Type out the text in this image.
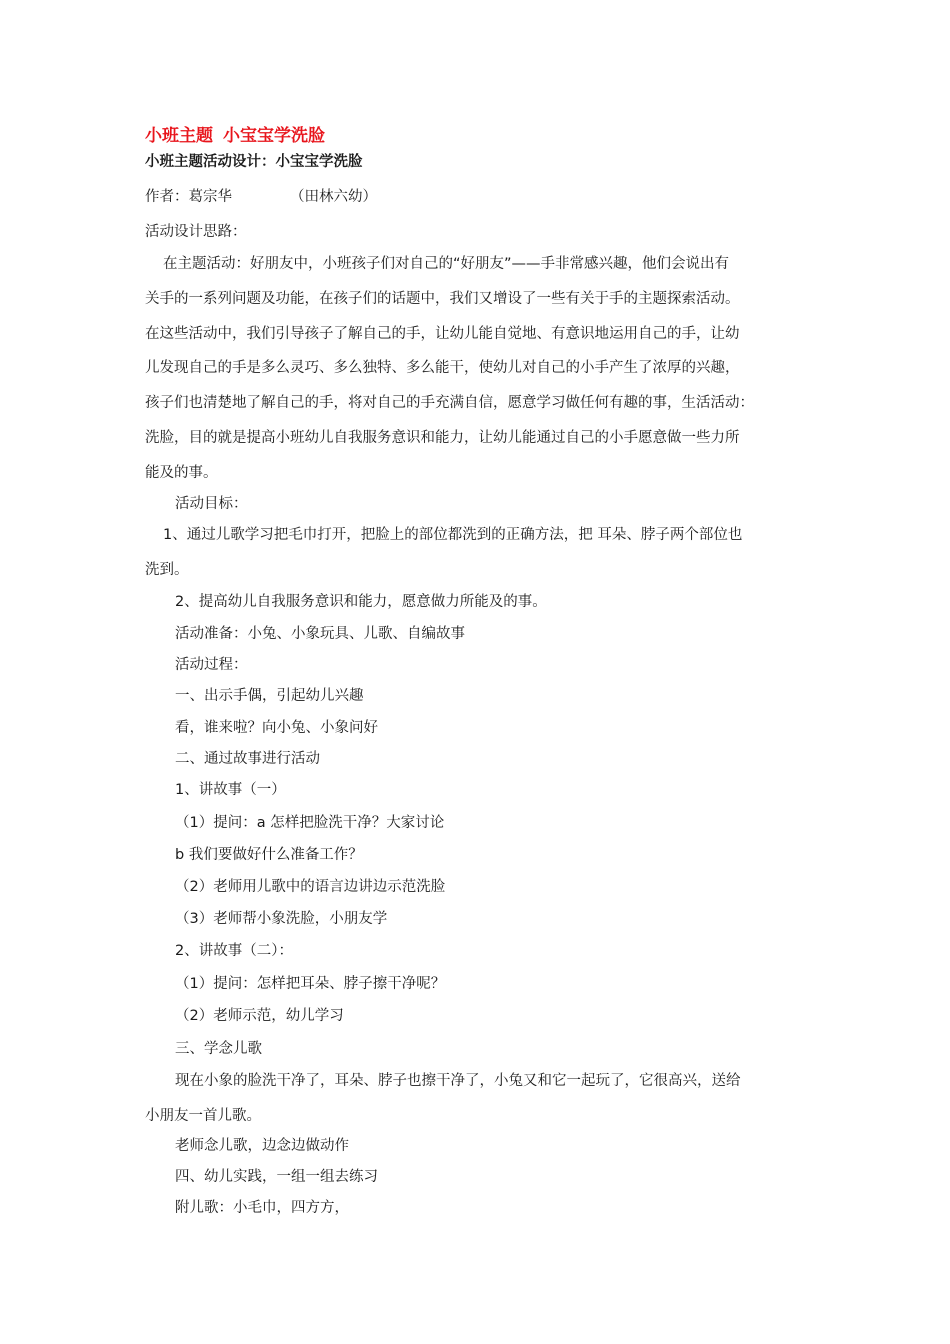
小班主题 小宝宝学洗脸
小班主题活动设计：小宝宝学洗脸
作者：葛宗华	（田林六幼）
活动设计思路：
在主题活动：好朋友中，小班孩子们对自己的“好朋友”——手非常感兴趣，他们会说出有
关手的一系列问题及功能，在孩子们的话题中，我们又增设了一些有关于手的主题探索活动。
在这些活动中，我们引导孩子了解自己的手，让幼儿能自觉地、有意识地运用自己的手，让幼
儿发现自己的手是多么灵巧、多么独特、多么能干，使幼儿对自己的小手产生了浓厚的兴趣，
孩子们也清楚地了解自己的手，将对自己的手充满自信，愿意学习做任何有趣的事，生活活动：
洗脸，目的就是提高小班幼儿自我服务意识和能力，让幼儿能通过自己的小手愿意做一些力所
能及的事。
活动目标：
1、通过儿歌学习把毛巾打开，把脸上的部位都洗到的正确方法，把 耳朵、脖子两个部位也
洗到。
2、提高幼儿自我服务意识和能力，愿意做力所能及的事。
活动准备：小兔、小象玩具、儿歌、自编故事
活动过程：
一、出示手偶，引起幼儿兴趣
看，谁来啦？向小兔、小象问好
二、通过故事进行活动
1、讲故事（一）
（1）提问：a 怎样把脸洗干净？大家讨论
b 我们要做好什么准备工作？
（2）老师用儿歌中的语言边讲边示范洗脸
（3）老师帮小象洗脸，小朋友学
2、讲故事（二）：
（1）提问：怎样把耳朵、脖子擦干净呢？
（2）老师示范，幼儿学习
三、学念儿歌
现在小象的脸洗干净了，耳朵、脖子也擦干净了，小兔又和它一起玩了，它很高兴，送给
小朋友一首儿歌。
老师念儿歌，边念边做动作
四、幼儿实践，一组一组去练习
附儿歌：小毛巾，四方方，
